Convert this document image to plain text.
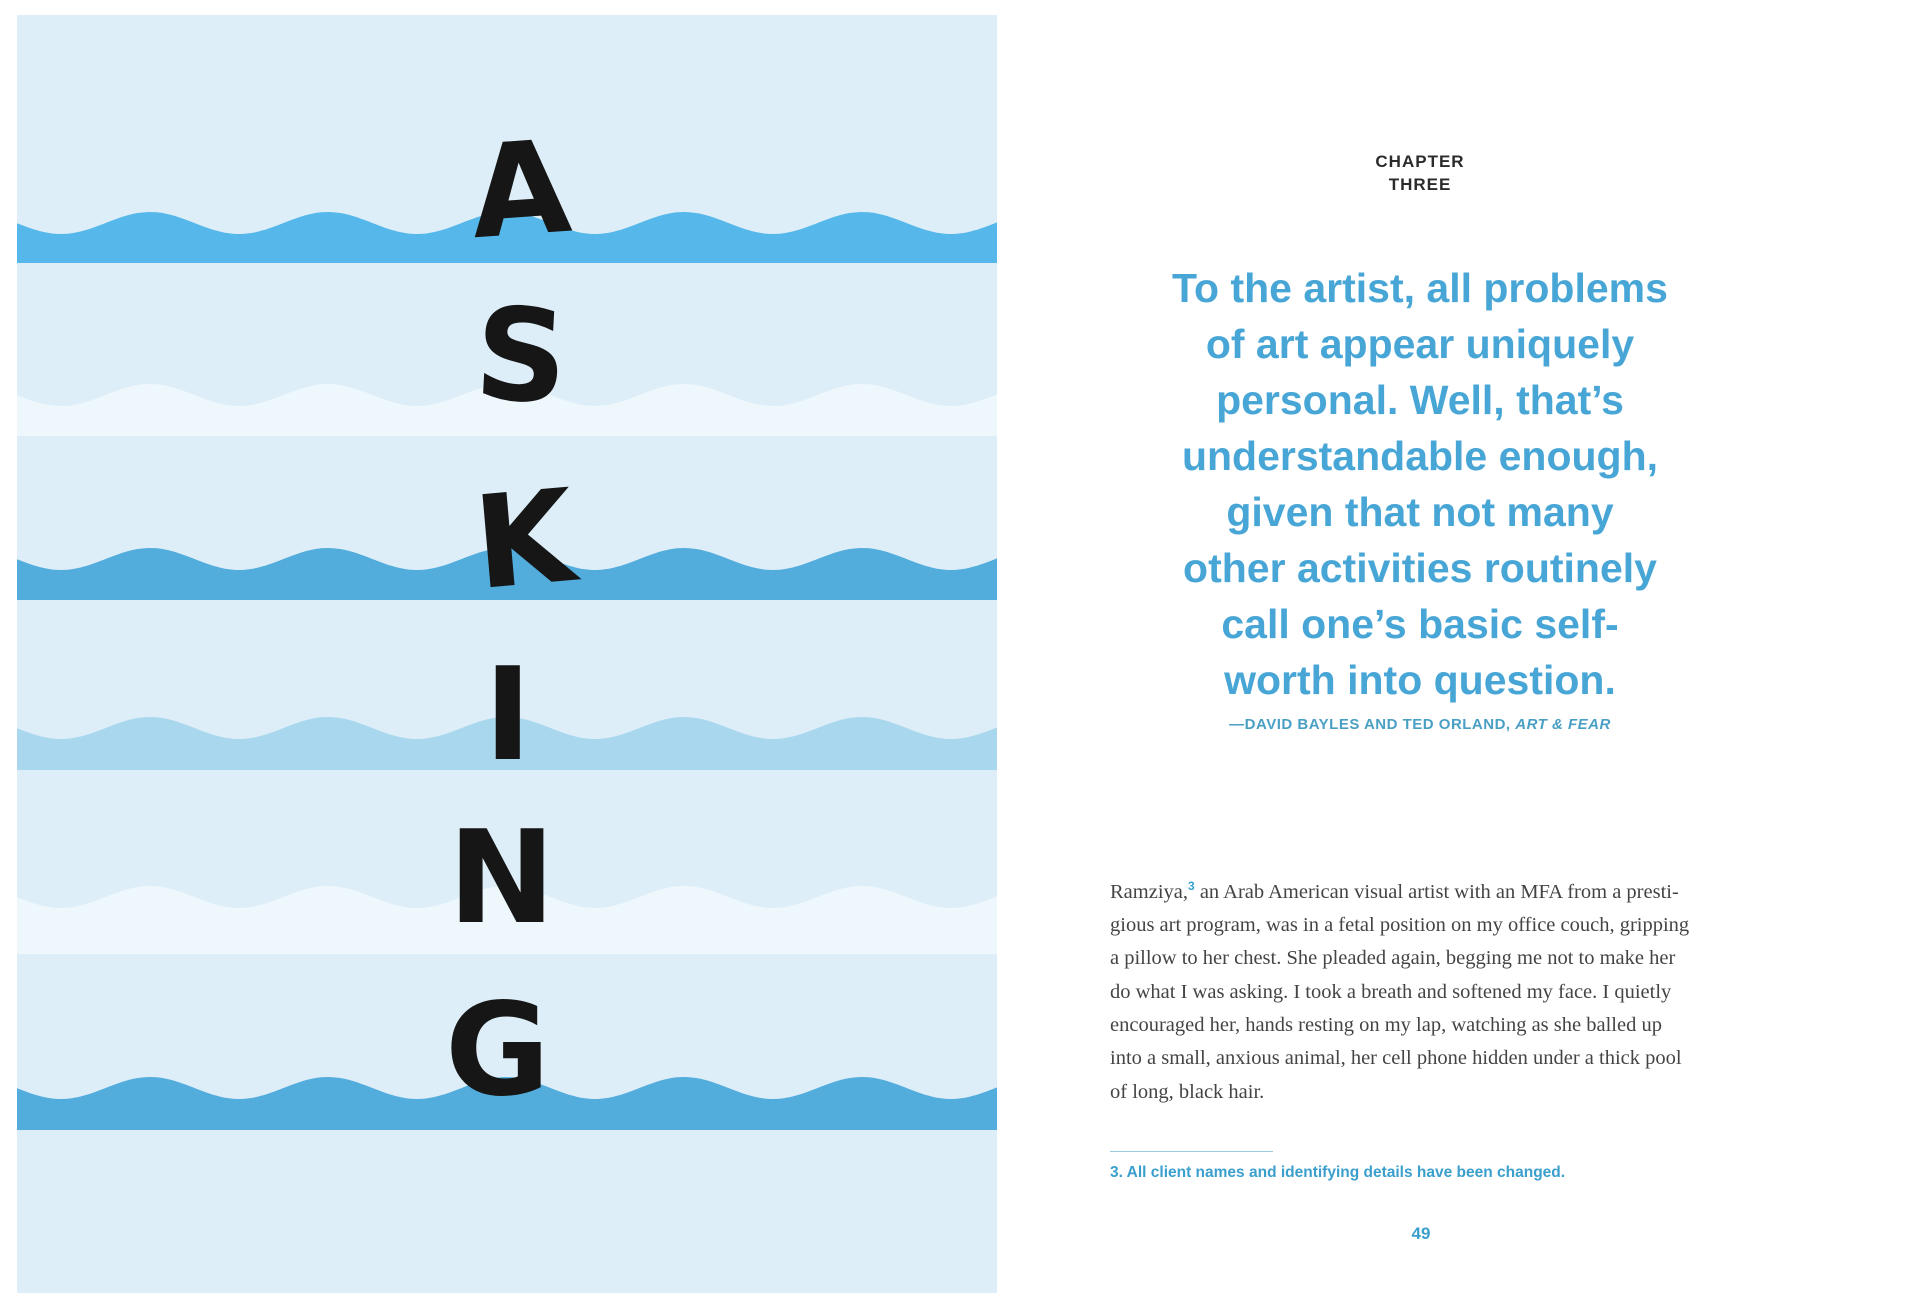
A
S
K
I
N
G
CHAPTER
THREE
To the artist, all problems
of art appear uniquely
personal. Well, that’s
understandable enough,
given that not many
other activities routinely
call one’s basic self-
worth into question.
—DAVID BAYLES AND TED ORLAND, ART & FEAR
Ramziya,$^3$ an Arab American visual artist with an MFA from a presti-
gious art program, was in a fetal position on my office couch, gripping
a pillow to her chest. She pleaded again, begging me not to make her
do what I was asking. I took a breath and softened my face. I quietly
encouraged her, hands resting on my lap, watching as she balled up
into a small, anxious animal, her cell phone hidden under a thick pool
of long, black hair.
3. All client names and identifying details have been changed.
49
